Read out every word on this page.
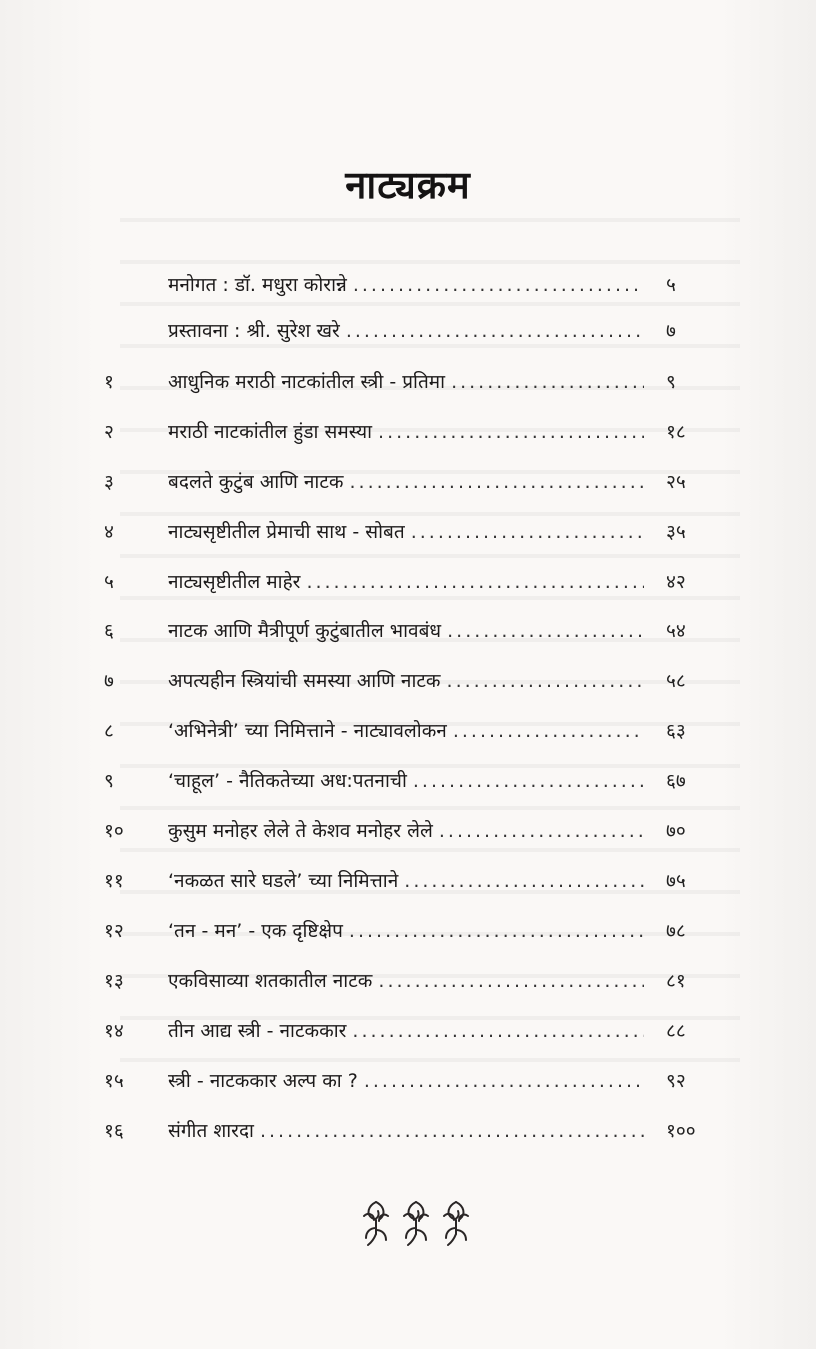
नाट्यक्रम
मनोगत : डॉ. मधुरा कोरान्ने .....	५
प्रस्तावना : श्री. सुरेश खरे .....	७
१	आधुनिक मराठी नाटकांतील स्त्री - प्रतिमा .....	९
२	मराठी नाटकांतील हुंडा समस्या .....	१८
३	बदलते कुटुंब आणि नाटक .....	२५
४	नाट्यसृष्टीतील प्रेमाची साथ - सोबत .....	३५
५	नाट्यसृष्टीतील माहेर .....	४२
६	नाटक आणि मैत्रीपूर्ण कुटुंबातील भावबंध .....	५४
७	अपत्यहीन स्त्रियांची समस्या आणि नाटक .....	५८
८	‘अभिनेत्री’ च्या निमित्ताने - नाट्यावलोकन .....	६३
९	‘चाहूल’ - नैतिकतेच्या अध:पतनाची .....	६७
१०	कुसुम मनोहर लेले ते केशव मनोहर लेले .....	७०
११	‘नकळत सारे घडले’ च्या निमित्ताने .....	७५
१२	‘तन - मन’ - एक दृष्टिक्षेप .....	७८
१३	एकविसाव्या शतकातील नाटक .....	८१
१४	तीन आद्य स्त्री - नाटककार .....	८८
१५	स्त्री - नाटककार अल्प का ? .....	९२
१६	संगीत शारदा .....	१००
